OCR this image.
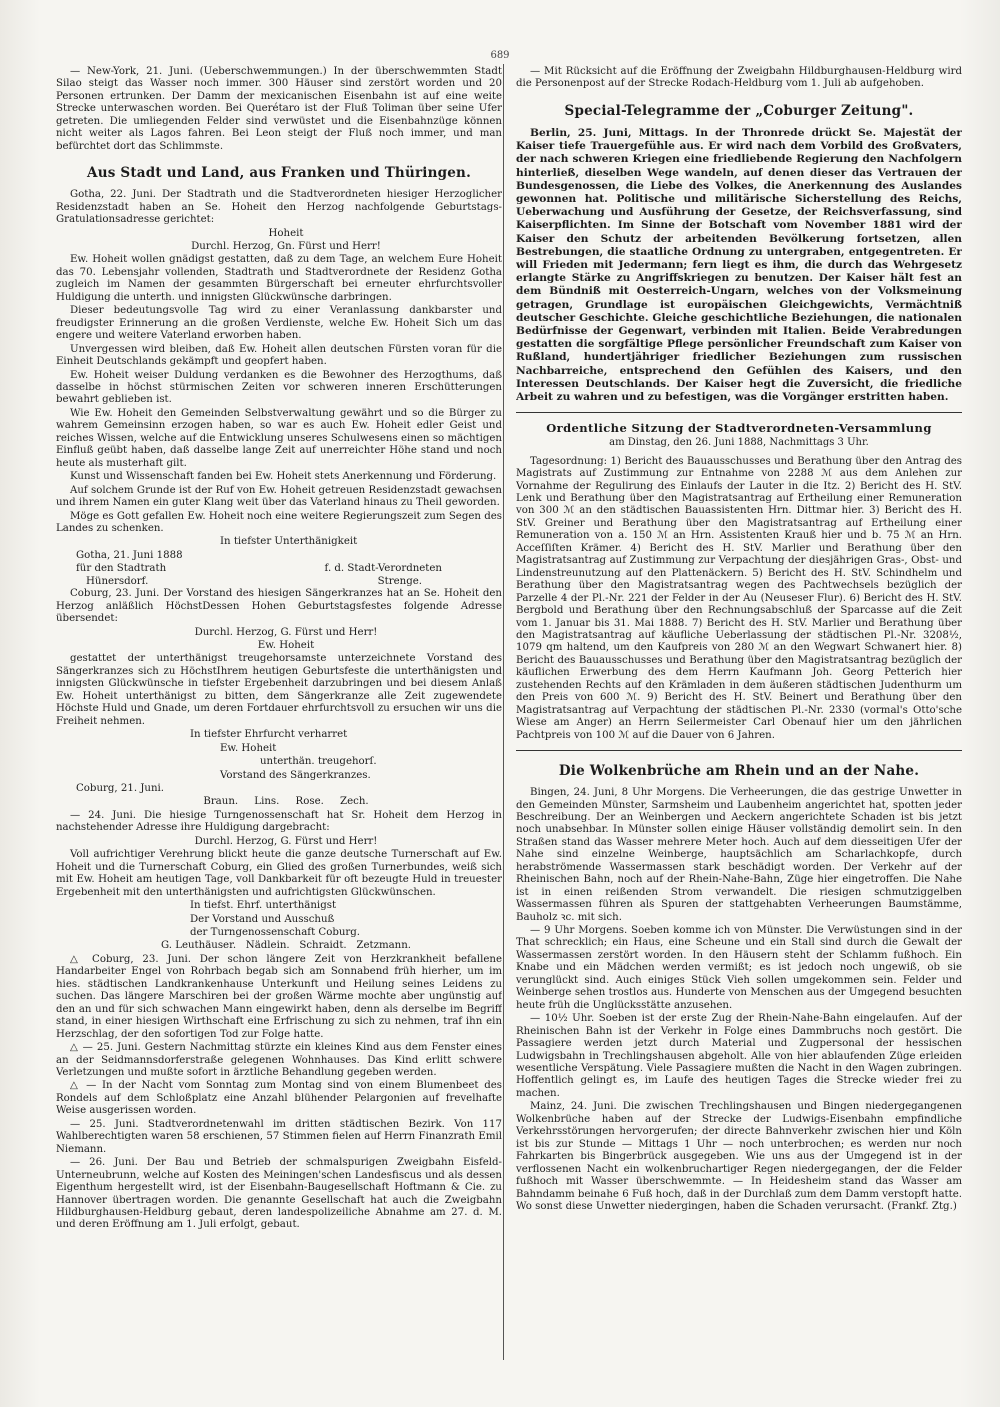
689

— New-York, 21. Juni. (Ueberschwemmungen.) In der überschwemmten Stadt Silao steigt das Wasser noch immer. 300 Häuser sind zerstört worden und 20 Personen ertrunken. Der Damm der mexicanischen Eisenbahn ist auf eine weite Strecke unterwaschen worden. Bei Querétaro ist der Fluß Toliman über seine Ufer getreten. Die umliegenden Felder sind verwüstet und die Eisenbahnzüge können nicht weiter als Lagos fahren. Bei Leon steigt der Fluß noch immer, und man befürchtet dort das Schlimmste.

Aus Stadt und Land, aus Franken und Thüringen.

Gotha, 22. Juni. Der Stadtrath und die Stadtverordneten hiesiger Herzoglicher Residenzstadt haben an Se. Hoheit den Herzog nachfolgende Geburtstags-Gratulationsadresse gerichtet:

Hoheit

Durchl. Herzog, Gn. Fürst und Herr!

Ew. Hoheit wollen gnädigst gestatten, daß zu dem Tage, an welchem Eure Hoheit das 70. Lebensjahr vollenden, Stadtrath und Stadtverordnete der Residenz Gotha zugleich im Namen der gesammten Bürgerschaft bei erneuter ehrfurchtsvoller Huldigung die unterth. und innigsten Glückwünsche darbringen.

Dieser bedeutungsvolle Tag wird zu einer Veranlassung dankbarster und freudigster Erinnerung an die großen Verdienste, welche Ew. Hoheit Sich um das engere und weitere Vaterland erworben haben.

Unvergessen wird bleiben, daß Ew. Hoheit allen deutschen Fürsten voran für die Einheit Deutschlands gekämpft und geopfert haben.

Ew. Hoheit weiser Duldung verdanken es die Bewohner des Herzogthums, daß dasselbe in höchst stürmischen Zeiten vor schweren inneren Erschütterungen bewahrt geblieben ist.

Wie Ew. Hoheit den Gemeinden Selbstverwaltung gewährt und so die Bürger zu wahrem Gemeinsinn erzogen haben, so war es auch Ew. Hoheit edler Geist und reiches Wissen, welche auf die Entwicklung unseres Schulwesens einen so mächtigen Einfluß geübt haben, daß dasselbe lange Zeit auf unerreichter Höhe stand und noch heute als musterhaft gilt.

Kunst und Wissenschaft fanden bei Ew. Hoheit stets Anerkennung und Förderung.

Auf solchem Grunde ist der Ruf von Ew. Hoheit getreuen Residenzstadt gewachsen und ihrem Namen ein guter Klang weit über das Vaterland hinaus zu Theil geworden.

Möge es Gott gefallen Ew. Hoheit noch eine weitere Regierungszeit zum Segen des Landes zu schenken.

In tiefster Unterthänigkeit

Gotha, 21. Juni 1888

für den Stadtrath	f. d. Stadt-Verordneten
Hünersdorf.	Strenge.

Coburg, 23. Juni. Der Vorstand des hiesigen Sängerkranzes hat an Se. Hoheit den Herzog anläßlich HöchstDessen Hohen Geburtstagsfestes folgende Adresse übersendet:

Durchl. Herzog, G. Fürst und Herr!

Ew. Hoheit

gestattet der unterthänigst treugehorsamste unterzeichnete Vorstand des Sängerkranzes sich zu HöchstIhrem heutigen Geburtsfeste die unterthänigsten und innigsten Glückwünsche in tiefster Ergebenheit darzubringen und bei diesem Anlaß Ew. Hoheit unterthänigst zu bitten, dem Sängerkranze alle Zeit zugewendete Höchste Huld und Gnade, um deren Fortdauer ehrfurchtsvoll zu ersuchen wir uns die Freiheit nehmen.

In tiefster Ehrfurcht verharret

Ew. Hoheit

unterthän. treugehorſ.

Vorstand des Sängerkranzes.

Coburg, 21. Juni.

Braun.     Lins.     Rose.     Zech.

— 24. Juni. Die hiesige Turngenossenschaft hat Sr. Hoheit dem Herzog in nachstehender Adresse ihre Huldigung dargebracht:

Durchl. Herzog, G. Fürst und Herr!

Voll aufrichtiger Verehrung blickt heute die ganze deutsche Turnerschaft auf Ew. Hoheit und die Turnerschaft Coburg, ein Glied des großen Turnerbundes, weiß sich mit Ew. Hoheit am heutigen Tage, voll Dankbarkeit für oft bezeugte Huld in treuester Ergebenheit mit den unterthänigsten und aufrichtigsten Glückwünschen.

In tiefst. Ehrf. unterthänigst

Der Vorstand und Ausschuß

der Turngenossenschaft Coburg.

G. Leuthäuser.   Nädlein.   Schraidt.   Zetzmann.

△ Coburg, 23. Juni. Der schon längere Zeit von Herzkrankheit befallene Handarbeiter Engel von Rohrbach begab sich am Sonnabend früh hierher, um im hies. städtischen Landkrankenhause Unterkunft und Heilung seines Leidens zu suchen. Das längere Marschiren bei der großen Wärme mochte aber ungünstig auf den an und für sich schwachen Mann eingewirkt haben, denn als derselbe im Begriff stand, in einer hiesigen Wirthschaft eine Erfrischung zu sich zu nehmen, traf ihn ein Herzschlag, der den sofortigen Tod zur Folge hatte.

△ — 25. Juni. Gestern Nachmittag stürzte ein kleines Kind aus dem Fenster eines an der Seidmannsdorferstraße gelegenen Wohnhauses. Das Kind erlitt schwere Verletzungen und mußte sofort in ärztliche Behandlung gegeben werden.

△ — In der Nacht vom Sonntag zum Montag sind von einem Blumenbeet des Rondels auf dem Schloßplatz eine Anzahl blühender Pelargonien auf frevelhafte Weise ausgerissen worden.

— 25. Juni. Stadtverordnetenwahl im dritten städtischen Bezirk. Von 117 Wahlberechtigten waren 58 erschienen, 57 Stimmen fielen auf Herrn Finanzrath Emil Niemann.

— 26. Juni. Der Bau und Betrieb der schmalspurigen Zweigbahn Eisfeld-Unterneubrunn, welche auf Kosten des Meiningen'schen Landesfiscus und als dessen Eigenthum hergestellt wird, ist der Eisenbahn-Baugesellschaft Hoftmann & Cie. zu Hannover übertragen worden. Die genannte Gesellschaft hat auch die Zweigbahn Hildburghausen-Heldburg gebaut, deren landespolizeiliche Abnahme am 27. d. M. und deren Eröffnung am 1. Juli erfolgt, gebaut.

— Mit Rücksicht auf die Eröffnung der Zweigbahn Hildburghausen-Heldburg wird die Personenpost auf der Strecke Rodach-Heldburg vom 1. Juli ab aufgehoben.

Special-Telegramme der „Coburger Zeitung".

Berlin, 25. Juni, Mittags. In der Thronrede drückt Se. Majestät der Kaiser tiefe Trauergefühle aus. Er wird nach dem Vorbild des Großvaters, der nach schweren Kriegen eine friedliebende Regierung den Nachfolgern hinterließ, dieselben Wege wandeln, auf denen dieser das Vertrauen der Bundesgenossen, die Liebe des Volkes, die Anerkennung des Auslandes gewonnen hat. Politische und militärische Sicherstellung des Reichs, Ueberwachung und Ausführung der Gesetze, der Reichsverfassung, sind Kaiserpflichten. Im Sinne der Botschaft vom November 1881 wird der Kaiser den Schutz der arbeitenden Bevölkerung fortsetzen, allen Bestrebungen, die staatliche Ordnung zu untergraben, entgegentreten. Er will Frieden mit Jedermann; fern liegt es ihm, die durch das Wehrgesetz erlangte Stärke zu Angriffskriegen zu benutzen. Der Kaiser hält fest an dem Bündniß mit Oesterreich-Ungarn, welches von der Volksmeinung getragen, Grundlage ist europäischen Gleichgewichts, Vermächtniß deutscher Geschichte. Gleiche geschichtliche Beziehungen, die nationalen Bedürfnisse der Gegenwart, verbinden mit Italien. Beide Verabredungen gestatten die sorgfältige Pflege persönlicher Freundschaft zum Kaiser von Rußland, hundertjähriger friedlicher Beziehungen zum russischen Nachbarreiche, entsprechend den Gefühlen des Kaisers, und den Interessen Deutschlands. Der Kaiser hegt die Zuversicht, die friedliche Arbeit zu wahren und zu befestigen, was die Vorgänger erstritten haben.

Ordentliche Sitzung der Stadtverordneten-Versammlung
am Dinstag, den 26. Juni 1888, Nachmittags 3 Uhr.

Tagesordnung: 1) Bericht des Bauausschusses und Berathung über den Antrag des Magistrats auf Zustimmung zur Entnahme von 2288 ℳ aus dem Anlehen zur Vornahme der Regulirung des Einlaufs der Lauter in die Itz. 2) Bericht des H. StV. Lenk und Berathung über den Magistratsantrag auf Ertheilung einer Remuneration von 300 ℳ an den städtischen Bauassistenten Hrn. Dittmar hier. 3) Bericht des H. StV. Greiner und Berathung über den Magistratsantrag auf Ertheilung einer Remuneration von a. 150 ℳ an Hrn. Assistenten Krauß hier und b. 75 ℳ an Hrn. Acceſſiſten Krämer. 4) Bericht des H. StV. Marlier und Berathung über den Magistratsantrag auf Zustimmung zur Verpachtung der diesjährigen Gras-, Obst- und Lindenstreunutzung auf den Plattenäckern. 5) Bericht des H. StV. Schindhelm und Berathung über den Magistratsantrag wegen des Pachtwechsels bezüglich der Parzelle 4 der Pl.-Nr. 221 der Felder in der Au (Neuseser Flur). 6) Bericht des H. StV. Bergbold und Berathung über den Rechnungsabschluß der Sparcasse auf die Zeit vom 1. Januar bis 31. Mai 1888. 7) Bericht des H. StV. Marlier und Berathung über den Magistratsantrag auf käufliche Ueberlassung der städtischen Pl.-Nr. 3208½, 1079 qm haltend, um den Kaufpreis von 280 ℳ an den Wegwart Schwanert hier. 8) Bericht des Bauausschusses und Berathung über den Magistratsantrag bezüglich der käuflichen Erwerbung des dem Herrn Kaufmann Joh. Georg Petterich hier zustehenden Rechts auf den Krämladen in dem äußeren städtischen Judenthurm um den Preis von 600 ℳ. 9) Bericht des H. StV. Beinert und Berathung über den Magistratsantrag auf Verpachtung der städtischen Pl.-Nr. 2330 (vormal's Otto'sche Wiese am Anger) an Herrn Seilermeister Carl Obenauf hier um den jährlichen Pachtpreis von 100 ℳ auf die Dauer von 6 Jahren.

Die Wolkenbrüche am Rhein und an der Nahe.

Bingen, 24. Juni, 8 Uhr Morgens. Die Verheerungen, die das gestrige Unwetter in den Gemeinden Münster, Sarmsheim und Laubenheim angerichtet hat, spotten jeder Beschreibung. Der an Weinbergen und Aeckern angerichtete Schaden ist bis jetzt noch unabsehbar. In Münster sollen einige Häuser vollständig demolirt sein. In den Straßen stand das Wasser mehrere Meter hoch. Auch auf dem diesseitigen Ufer der Nahe sind einzelne Weinberge, hauptsächlich am Scharlachkopfe, durch herabströmende Wassermassen stark beschädigt worden. Der Verkehr auf der Rheinischen Bahn, noch auf der Rhein-Nahe-Bahn, Züge hier eingetroffen. Die Nahe ist in einen reißenden Strom verwandelt. Die riesigen schmutziggelben Wassermassen führen als Spuren der stattgehabten Verheerungen Baumstämme, Bauholz ꝛc. mit sich.

— 9 Uhr Morgens. Soeben komme ich von Münster. Die Verwüstungen sind in der That schrecklich; ein Haus, eine Scheune und ein Stall sind durch die Gewalt der Wassermassen zerstört worden. In den Häusern steht der Schlamm fußhoch. Ein Knabe und ein Mädchen werden vermißt; es ist jedoch noch ungewiß, ob sie verunglückt sind. Auch einiges Stück Vieh sollen umgekommen sein. Felder und Weinberge sehen trostlos aus. Hunderte von Menschen aus der Umgegend besuchten heute früh die Unglücksstätte anzusehen.

— 10½ Uhr. Soeben ist der erste Zug der Rhein-Nahe-Bahn eingelaufen. Auf der Rheinischen Bahn ist der Verkehr in Folge eines Dammbruchs noch gestört. Die Passagiere werden jetzt durch Material und Zugpersonal der hessischen Ludwigsbahn in Trechlingshausen abgeholt. Alle von hier ablaufenden Züge erleiden wesentliche Verspätung. Viele Passagiere mußten die Nacht in den Wagen zubringen. Hoffentlich gelingt es, im Laufe des heutigen Tages die Strecke wieder frei zu machen.

Mainz, 24. Juni. Die zwischen Trechlingshausen und Bingen niedergegangenen Wolkenbrüche haben auf der Strecke der Ludwigs-Eisenbahn empfindliche Verkehrsstörungen hervorgerufen; der directe Bahnverkehr zwischen hier und Köln ist bis zur Stunde — Mittags 1 Uhr — noch unterbrochen; es werden nur noch Fahrkarten bis Bingerbrück ausgegeben. Wie uns aus der Umgegend ist in der verflossenen Nacht ein wolkenbruchartiger Regen niedergegangen, der die Felder fußhoch mit Wasser überschwemmte. — In Heidesheim stand das Wasser am Bahndamm beinahe 6 Fuß hoch, daß in der Durchlaß zum dem Damm verstopft hatte. Wo sonst diese Unwetter niedergingen, haben die Schaden verursacht. (Frankf. Ztg.)
